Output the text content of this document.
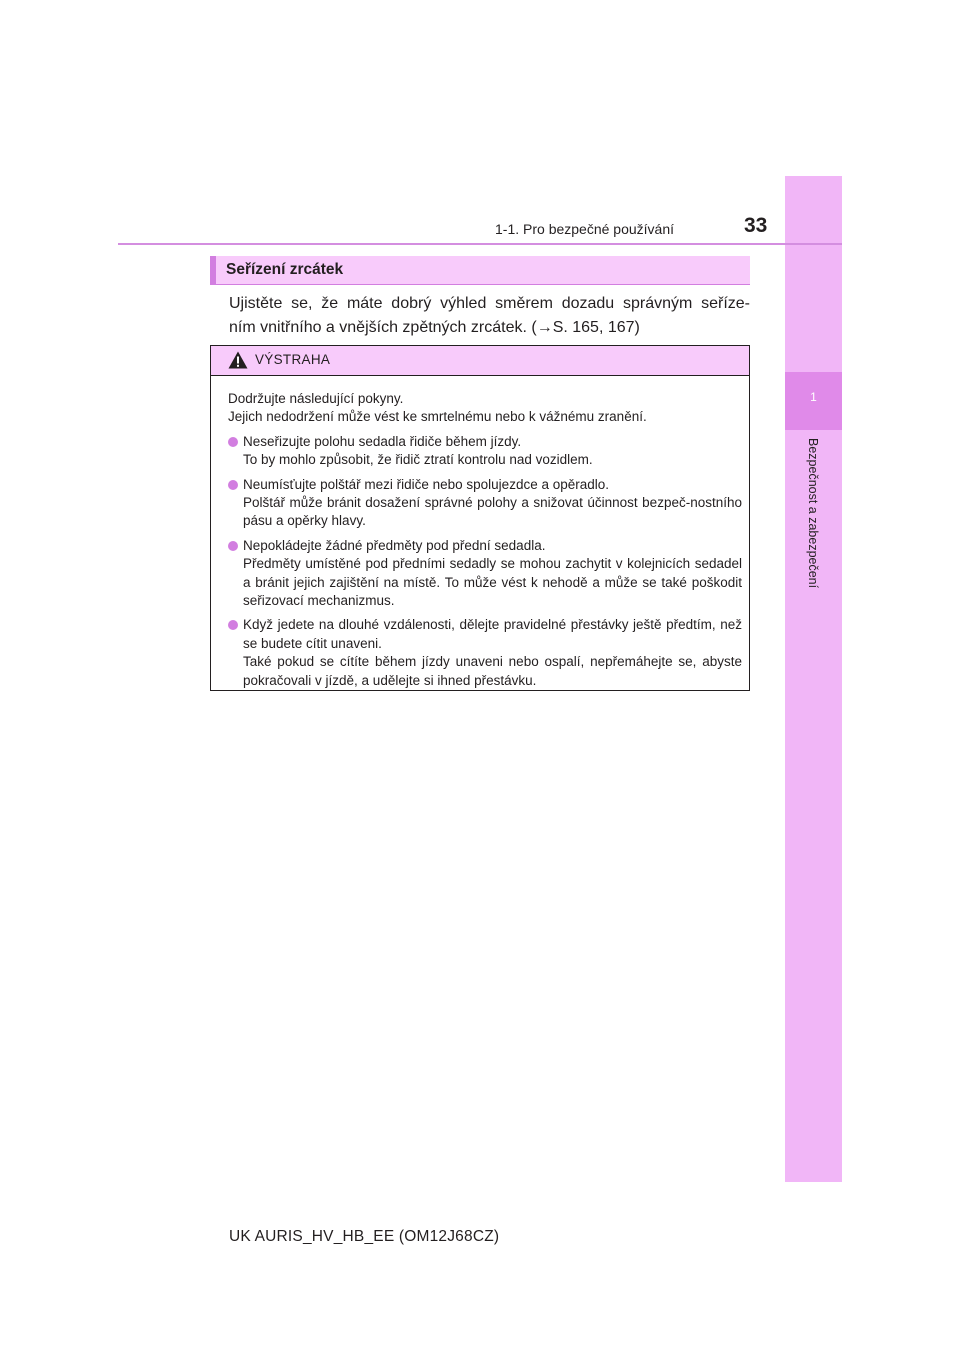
1
Bezpečnost a zabezpečení
1-1. Pro bezpečné používání	33
Seřízení zrcátek
Ujistěte se, že máte dobrý výhled směrem dozadu správným seříze-
ním vnitřního a vnějších zpětných zrcátek. (→S. 165, 167)
VÝSTRAHA

Dodržujte následující pokyny.

Jejich nedodržení může vést ke smrtelnému nebo k vážnému zranění.

Neseřizujte polohu sedadla řidiče během jízdy.
To by mohlo způsobit, že řidič ztratí kontrolu nad vozidlem.
Neumísťujte polštář mezi řidiče nebo spolujezdce a opěradlo.
Polštář může bránit dosažení správné polohy a snižovat účinnost bezpeč-nostního pásu a opěrky hlavy.
Nepokládejte žádné předměty pod přední sedadla.
Předměty umístěné pod předními sedadly se mohou zachytit v kolejnicích sedadel a bránit jejich zajištění na místě. To může vést k nehodě a může se také poškodit seřizovací mechanizmus.
Když jedete na dlouhé vzdálenosti, dělejte pravidelné přestávky ještě předtím, než se budete cítit unaveni.
Také pokud se cítíte během jízdy unaveni nebo ospalí, nepřemáhejte se, abyste pokračovali v jízdě, a udělejte si ihned přestávku.
UK AURIS_HV_HB_EE (OM12J68CZ)
